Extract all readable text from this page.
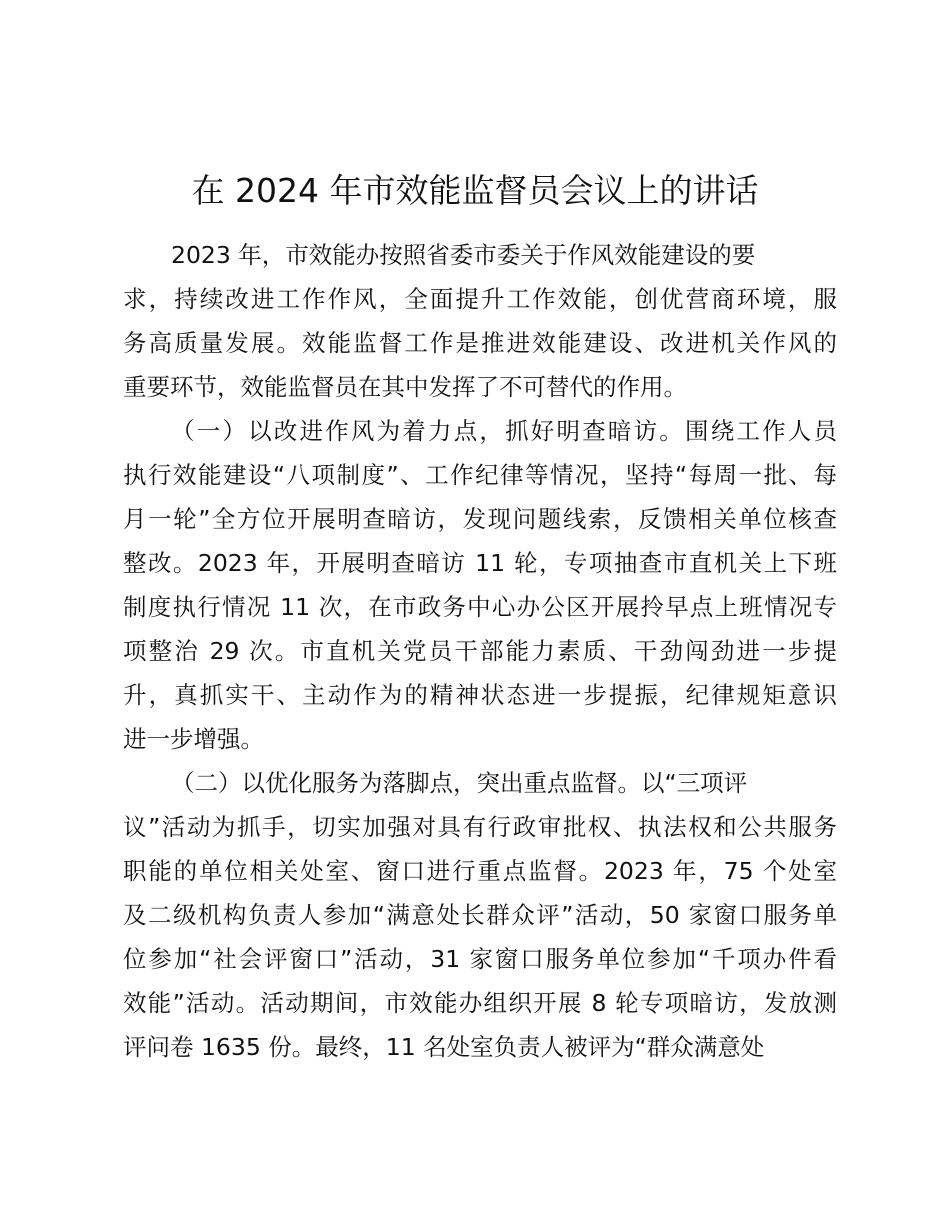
在 2024 年市效能监督员会议上的讲话
2023 年，市效能办按照省委市委关于作风效能建设的要
求，持续改进工作作风，全面提升工作效能，创优营商环境，服
务高质量发展。效能监督工作是推进效能建设、改进机关作风的
重要环节，效能监督员在其中发挥了不可替代的作用。
（一）以改进作风为着力点，抓好明查暗访。围绕工作人员
执行效能建设“八项制度”、工作纪律等情况，坚持“每周一批、每
月一轮”全方位开展明查暗访，发现问题线索，反馈相关单位核查
整改。2023 年，开展明查暗访 11 轮，专项抽查市直机关上下班
制度执行情况 11 次，在市政务中心办公区开展拎早点上班情况专
项整治 29 次。市直机关党员干部能力素质、干劲闯劲进一步提
升，真抓实干、主动作为的精神状态进一步提振，纪律规矩意识
进一步增强。
（二）以优化服务为落脚点，突出重点监督。以“三项评
议”活动为抓手，切实加强对具有行政审批权、执法权和公共服务
职能的单位相关处室、窗口进行重点监督。2023 年，75 个处室
及二级机构负责人参加“满意处长群众评”活动，50 家窗口服务单
位参加“社会评窗口”活动，31 家窗口服务单位参加“千项办件看
效能”活动。活动期间，市效能办组织开展 8 轮专项暗访，发放测
评问卷 1635 份。最终，11 名处室负责人被评为“群众满意处
